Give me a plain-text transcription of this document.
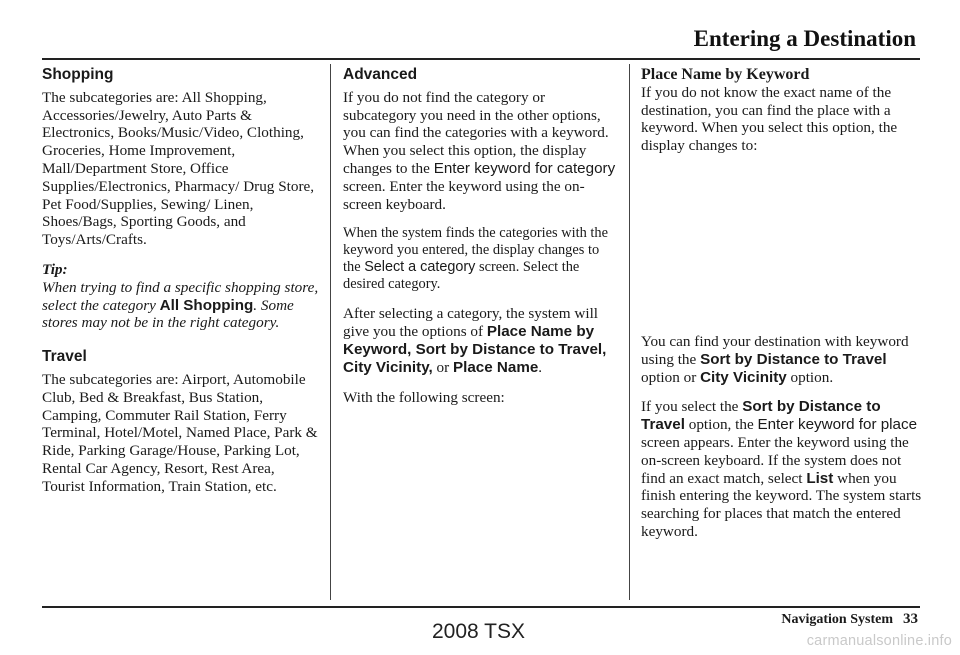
Entering a Destination
Shopping

The subcategories are: All Shopping, Accessories/Jewelry, Auto Parts & Electronics, Books/Music/Video, Clothing, Groceries, Home Improvement, Mall/Department Store, Office Supplies/Electronics, Pharmacy/ Drug Store, Pet Food/Supplies, Sewing/ Linen, Shoes/Bags, Sporting Goods, and Toys/Arts/Crafts.

Tip:
When trying to find a specific shopping store, select the category All Shopping. Some stores may not be in the right category.

Travel

The subcategories are: Airport, Automobile Club, Bed & Breakfast, Bus Station, Camping, Commuter Rail Station, Ferry Terminal, Hotel/Motel, Named Place, Park & Ride, Parking Garage/House, Parking Lot, Rental Car Agency, Resort, Rest Area, Tourist Information, Train Station, etc.

Advanced

If you do not find the category or subcategory you need in the other options, you can find the categories with a keyword. When you select this option, the display changes to the Enter keyword for category screen. Enter the keyword using the on-screen keyboard.

When the system finds the categories with the keyword you entered, the display changes to the Select a category screen. Select the desired category.

After selecting a category, the system will give you the options of Place Name by Keyword, Sort by Distance to Travel, City Vicinity, or Place Name.

With the following screen:

Place Name by Keyword

If you do not know the exact name of the destination, you can find the place with a keyword. When you select this option, the display changes to:

You can find your destination with keyword using the Sort by Distance to Travel option or City Vicinity option.

If you select the Sort by Distance to Travel option, the Enter keyword for place screen appears. Enter the keyword using the on-screen keyboard. If the system does not find an exact match, select List when you finish entering the keyword. The system starts searching for places that match the entered keyword.

Navigation System 33
2008 TSX	carmanualsonline.info
